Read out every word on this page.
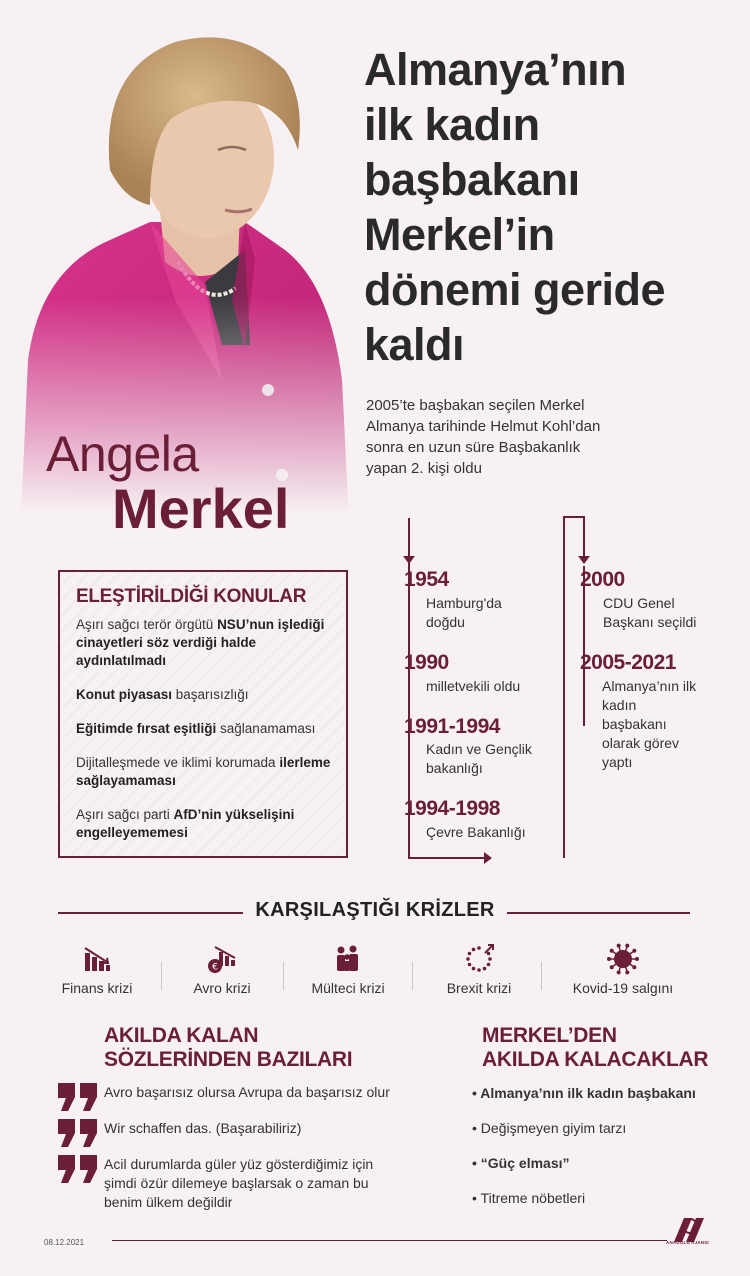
Angela
Merkel
Almanya’nın
ilk kadın
başbakanı
Merkel’in
dönemi geride
kaldı
2005’te başbakan seçilen Merkel
Almanya tarihinde Helmut Kohl’dan
sonra en uzun süre Başbakanlık
yapan 2. kişi oldu
ELEŞTİRİLDİĞİ KONULAR
Aşırı sağcı terör örgütü NSU’nun işlediği cinayetleri söz verdiği halde aydınlatılmadı
Konut piyasası başarısızlığı
Eğitimde fırsat eşitliği sağlanamaması
Dijitalleşmede ve iklimi korumada ilerleme sağlayamaması
Aşırı sağcı parti AfD’nin yükselişini engelleyememesi
1954
Hamburg'da doğdu
1990
milletvekili oldu
1991-1994
Kadın ve Gençlik bakanlığı
1994-1998
Çevre Bakanlığı
2000
CDU Genel Başkanı seçildi
2005-2021
Almanya’nın ilk kadın başbakanı olarak görev yaptı
KARŞILAŞTIĞI KRİZLER
Finans krizi
€
Avro krizi	Mülteci krizi	Brexit krizi	Kovid-19 salgını
AKILDA KALAN
SÖZLERİNDEN BAZILARI
Avro başarısız olursa Avrupa da başarısız olur
Wir schaffen das. (Başarabiliriz)
Acil durumlarda güler yüz gösterdiğimiz için şimdi özür dilemeye başlarsak o zaman bu benim ülkem değildir
MERKEL’DEN
AKILDA KALACAKLAR
• Almanya’nın ilk kadın başbakanı
• Değişmeyen giyim tarzı
• “Güç elması”
• Titreme nöbetleri
08.12.2021	ANADOLU AJANSI
